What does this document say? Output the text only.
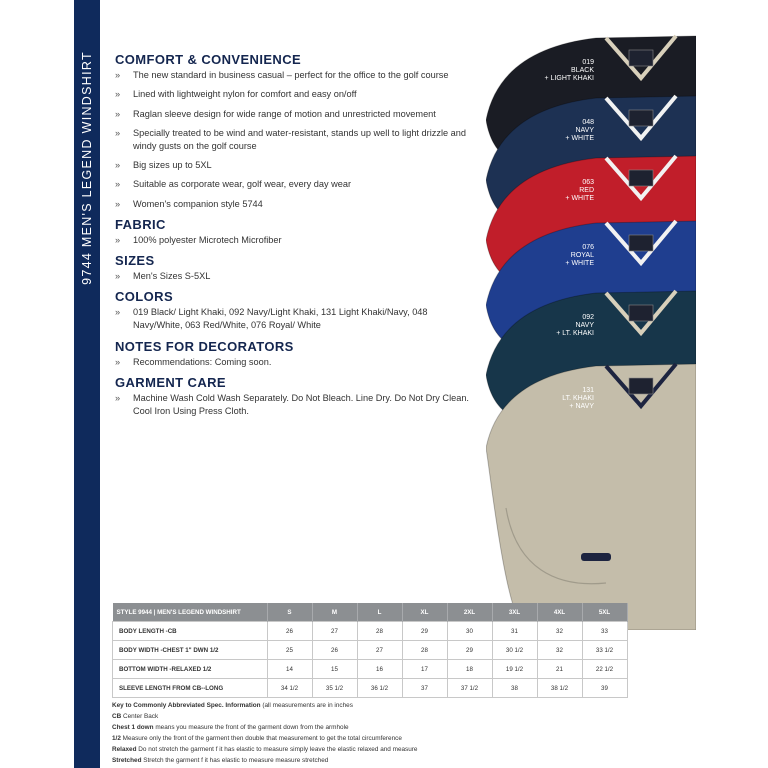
9744 MEN'S LEGEND WINDSHIRT COMFORT & CONVENIENCE
» The new standard in business casual – perfect for the office to the golf course
» Lined with lightweight nylon for comfort and easy on/off
» Raglan sleeve design for wide range of motion and unrestricted movement
» Specially treated to be wind and water-resistant, stands up well to light drizzle and windy gusts on the golf course
» Big sizes up to 5XL
» Suitable as corporate wear, golf wear, every day wear
» Women's companion style 5744
FABRIC
» 100% polyester Microtech Microfiber
SIZES
» Men's Sizes S-5XL
COLORS
» 019 Black/ Light Khaki, 092 Navy/Light Khaki, 131 Light Khaki/Navy, 048 Navy/White, 063 Red/White, 076 Royal/ White
NOTES FOR DECORATORS
» Recommendations: Coming soon.
GARMENT CARE
» Machine Wash Cold Wash Separately. Do Not Bleach. Line Dry. Do Not Dry Clean. Cool Iron Using Press Cloth.
019
BLACK
+ LIGHT KHAKI
048
NAVY
+ WHITE
063
RED
+ WHITE
076
ROYAL
+ WHITE
092
NAVY
+ LT. KHAKI
131
LT. KHAKI
+ NAVY
STYLE 9944 | MEN'S LEGEND WINDSHIRT	S	M	L	XL	2XL	3XL	4XL	5XL
BODY LENGTH -CB	26	27	28	29	30	31	32	33
BODY WIDTH -CHEST 1" DWN 1/2	25	26	27	28	29	30 1/2	32	33 1/2
BOTTOM WIDTH -RELAXED 1/2	14	15	16	17	18	19 1/2	21	22 1/2
SLEEVE LENGTH FROM CB--LONG	34 1/2	35 1/2	36 1/2	37	37 1/2	38	38 1/2	39
Key to Commonly Abbreviated Spec. Information (all measurements are in inches
CB Center Back
Chest 1 down means you measure the front of the garment down from the armhole
1/2 Measure only the front of the garment then double that measurement to get the total circumference
Relaxed Do not stretch the garment f it has elastic to measure simply leave the elastic relaxed and measure
Stretched Stretch the garment f it has elastic to measure measure stretched
